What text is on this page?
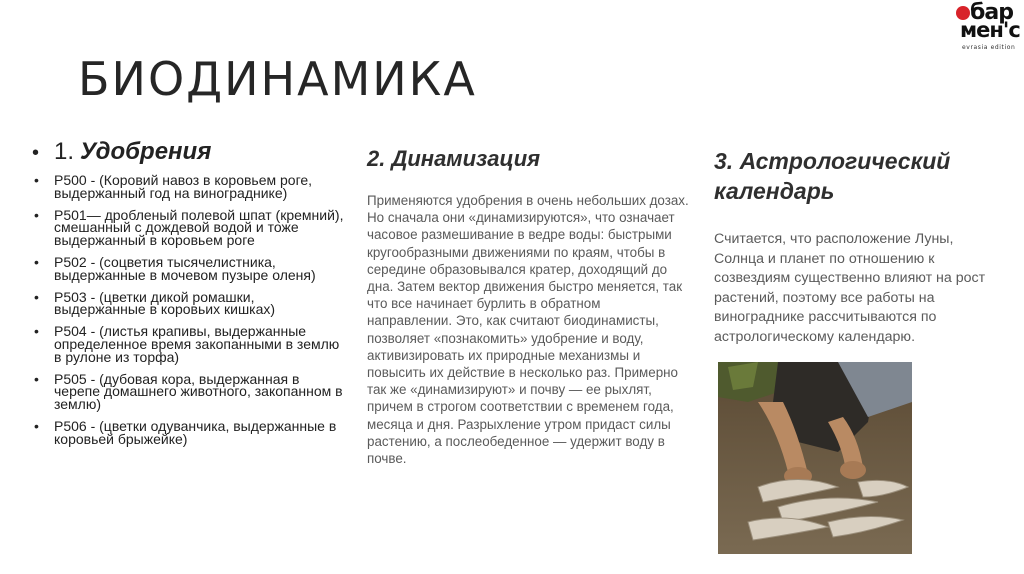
БИОДИНАМИКА
бар
мен'с
evrasia edition
• 1. Удобрения
• Р500 - (Коровий навоз в коровьем роге, выдержанный год на винограднике)
• Р501— дробленый полевой шпат (кремний), смешанный с дождевой водой и тоже выдержанный в коровьем роге
• Р502 - (соцветия тысячелистника, выдержанные в мочевом пузыре оленя)
• Р503 - (цветки дикой ромашки, выдержанные в коровьих кишках)
• Р504 - (листья крапивы, выдержанные определенное время закопанными в землю в рулоне из торфа)
• Р505 - (дубовая кора, выдержанная в черепе домашнего животного, закопанном в землю)
• Р506 - (цветки одуванчика, выдержанные в коровьей брыжейке)
2. Динамизация

Применяются удобрения в очень небольших дозах. Но сначала они «динамизируются», что означает часовое размешивание в ведре воды: быстрыми кругообразными движениями по краям, чтобы в середине образовывался кратер, доходящий до дна. Затем вектор движения быстро меняется, так что все начинает бурлить в обратном направлении. Это, как считают биодинамисты, позволяет «познакомить» удобрение и воду, активизировать их природные механизмы и повысить их действие в несколько раз. Примерно так же «динамизируют» и почву — ее рыхлят, причем в строгом соответствии с временем года, месяца и дня. Разрыхление утром придаст силы растению, а послеобеденное — удержит воду в почве.

3. Астрологический календарь

Считается, что расположение Луны, Солнца и планет по отношению к созвездиям существенно влияют на рост растений, поэтому все работы на винограднике рассчитываются по астрологическому календарю.
